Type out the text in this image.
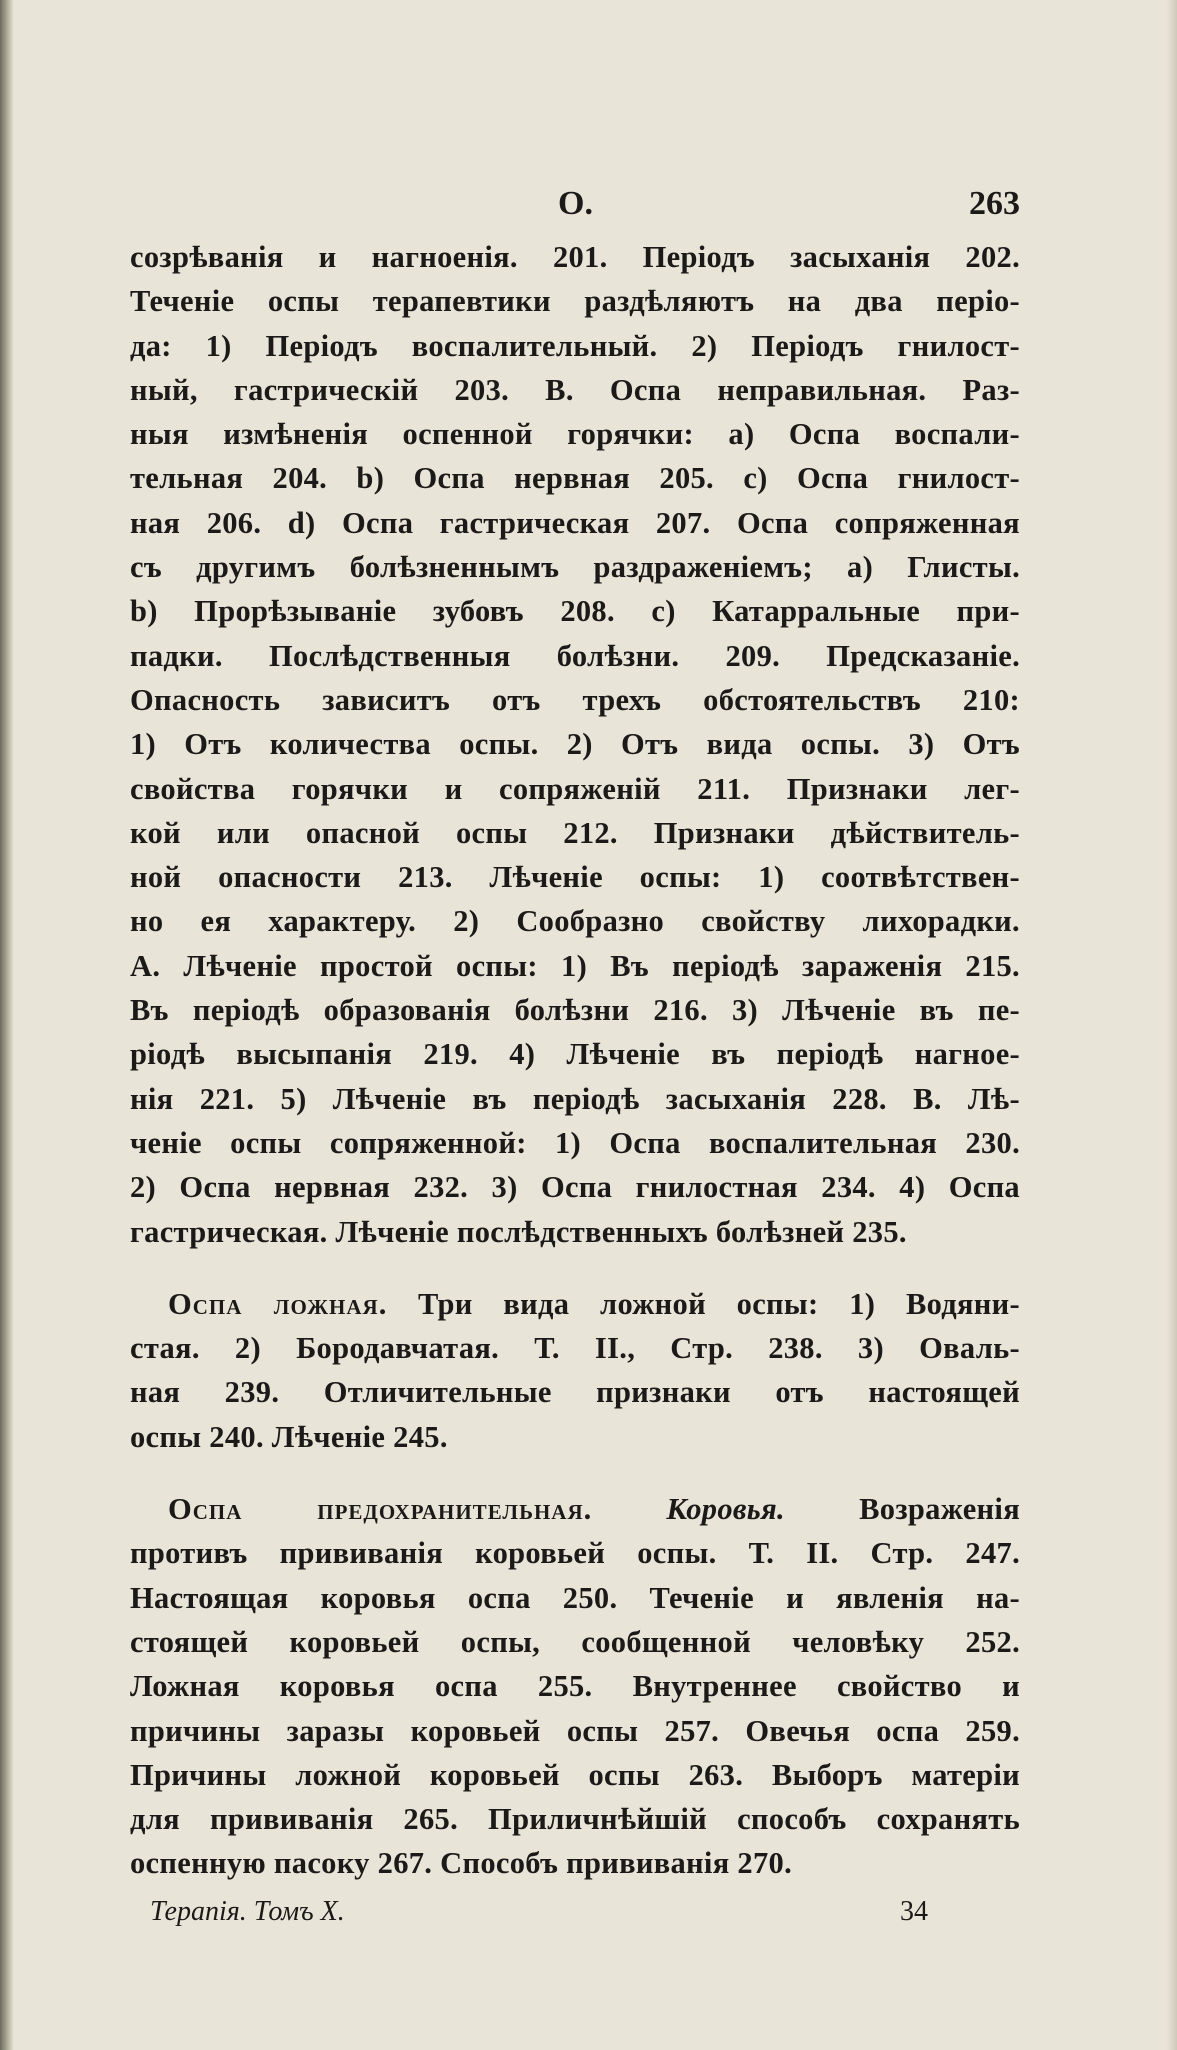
О.	263
созрѣванія и нагноенія. 201. Періодъ засыханія 202.
Теченіе оспы терапевтики раздѣляютъ на два періо-
да: 1) Періодъ воспалительный. 2) Періодъ гнилост-
ный, гастрическій 203. В. Оспа неправильная. Раз-
ныя измѣненія оспенной горячки: a) Оспа воспали-
тельная 204. b) Оспа нервная 205. c) Оспа гнилост-
ная 206. d) Оспа гастрическая 207. Оспа сопряженная
съ другимъ болѣзненнымъ раздраженіемъ; a) Глисты.
b) Прорѣзываніе зубовъ 208. c) Катарральные при-
падки. Послѣдственныя болѣзни. 209. Предсказаніе.
Опасность зависитъ отъ трехъ обстоятельствъ 210:
1) Отъ количества оспы. 2) Отъ вида оспы. 3) Отъ
свойства горячки и сопряженій 211. Признаки лег-
кой или опасной оспы 212. Признаки дѣйствитель-
ной опасности 213. Лѣченіе оспы: 1) соотвѣтствен-
но ея характеру. 2) Сообразно свойству лихорадки.
А. Лѣченіе простой оспы: 1) Въ періодѣ зараженія 215.
Въ періодѣ образованія болѣзни 216. 3) Лѣченіе въ пе-
ріодѣ высыпанія 219. 4) Лѣченіе въ періодѣ нагное-
нія 221. 5) Лѣченіе въ періодѣ засыханія 228. В. Лѣ-
ченіе оспы сопряженной: 1) Оспа воспалительная 230.
2) Оспа нервная 232. 3) Оспа гнилостная 234. 4) Оспа
гастрическая. Лѣченіе послѣдственныхъ болѣзней 235.
Оспа ложная. Три вида ложной оспы: 1) Водяни-
стая. 2) Бородавчатая. Т. II., Стр. 238. 3) Оваль-
ная 239. Отличительные признаки отъ настоящей
оспы 240. Лѣченіе 245.
Оспа предохранительная. Коровья. Возраженія
противъ прививанія коровьей оспы. Т. II. Стр. 247.
Настоящая коровья оспа 250. Теченіе и явленія на-
стоящей коровьей оспы, сообщенной человѣку 252.
Ложная коровья оспа 255. Внутреннее свойство и
причины заразы коровьей оспы 257. Овечья оспа 259.
Причины ложной коровьей оспы 263. Выборъ матеріи
для прививанія 265. Приличнѣйшій способъ сохранять
оспенную пасоку 267. Способъ прививанія 270.
Терапія. Томъ X.	34
